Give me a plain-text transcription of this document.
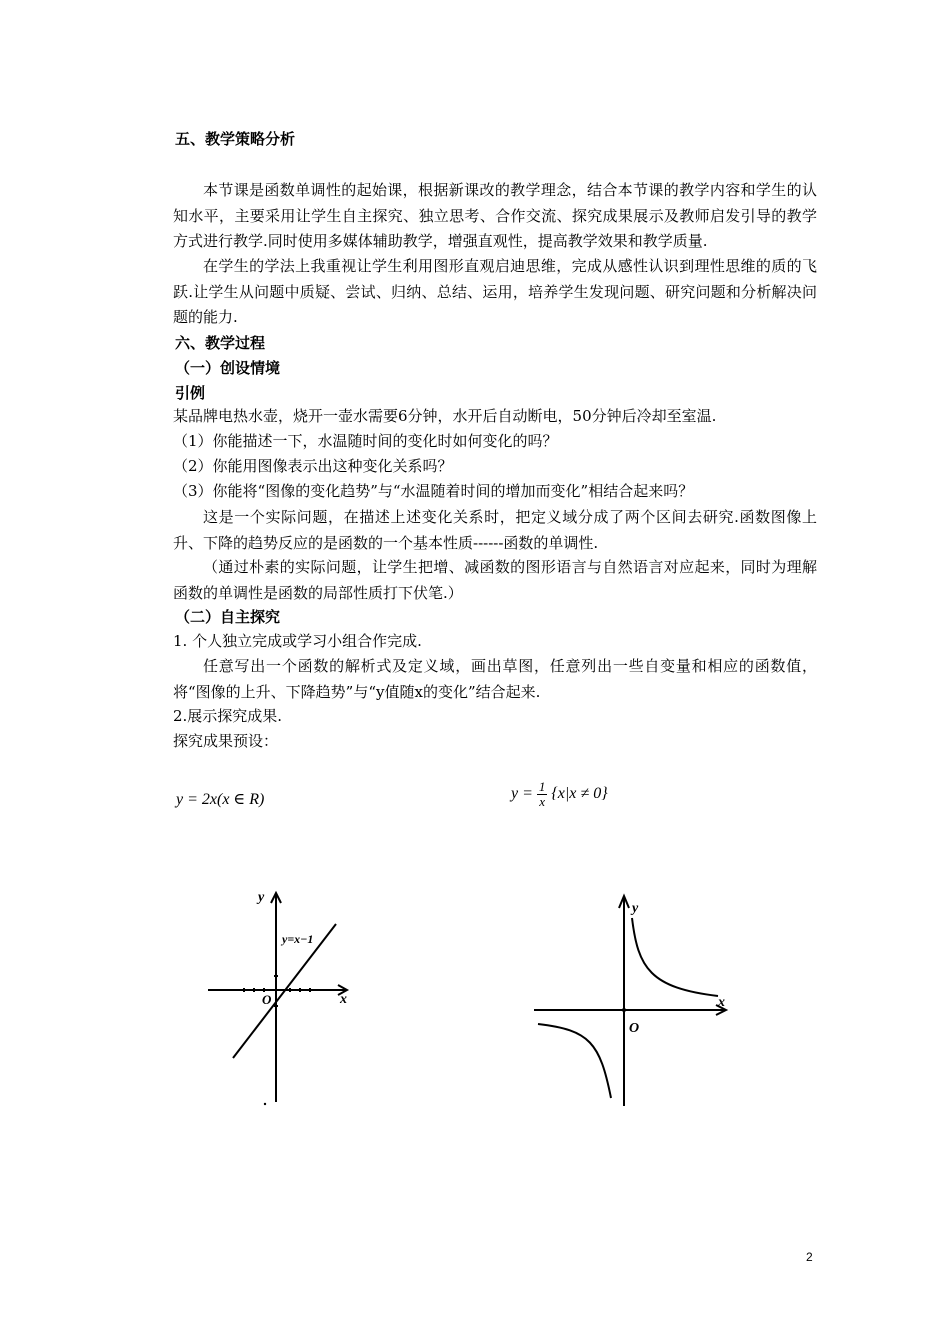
五、教学策略分析
本节课是函数单调性的起始课，根据新课改的教学理念，结合本节课的教学内容和学生的认知水平，主要采用让学生自主探究、独立思考、合作交流、探究成果展示及教师启发引导的教学方式进行教学.同时使用多媒体辅助教学，增强直观性，提高教学效果和教学质量.
在学生的学法上我重视让学生利用图形直观启迪思维，完成从感性认识到理性思维的质的飞跃.让学生从问题中质疑、尝试、归纳、总结、运用，培养学生发现问题、研究问题和分析解决问题的能力.
六、教学过程
（一）创设情境
引例
某品牌电热水壶，烧开一壶水需要6分钟，水开后自动断电，50分钟后冷却至室温.
（1）你能描述一下，水温随时间的变化时如何变化的吗？
（2）你能用图像表示出这种变化关系吗？
（3）你能将“图像的变化趋势”与“水温随着时间的增加而变化”相结合起来吗？
这是一个实际问题，在描述上述变化关系时，把定义域分成了两个区间去研究.函数图像上升、下降的趋势反应的是函数的一个基本性质------函数的单调性.
（通过朴素的实际问题，让学生把增、减函数的图形语言与自然语言对应起来，同时为理解函数的单调性是函数的局部性质打下伏笔.）
（二）自主探究
1. 个人独立完成或学习小组合作完成.
任意写出一个函数的解析式及定义域，画出草图，任意列出一些自变量和相应的函数值，将“图像的上升、下降趋势”与“y值随x的变化”结合起来.
2.展示探究成果.
探究成果预设：
y = 2x(x ∈ R)	$y = \frac{1}{x} \{x|x \ne 0\}$
y
x
O
y=x−1
y
x
O
2
